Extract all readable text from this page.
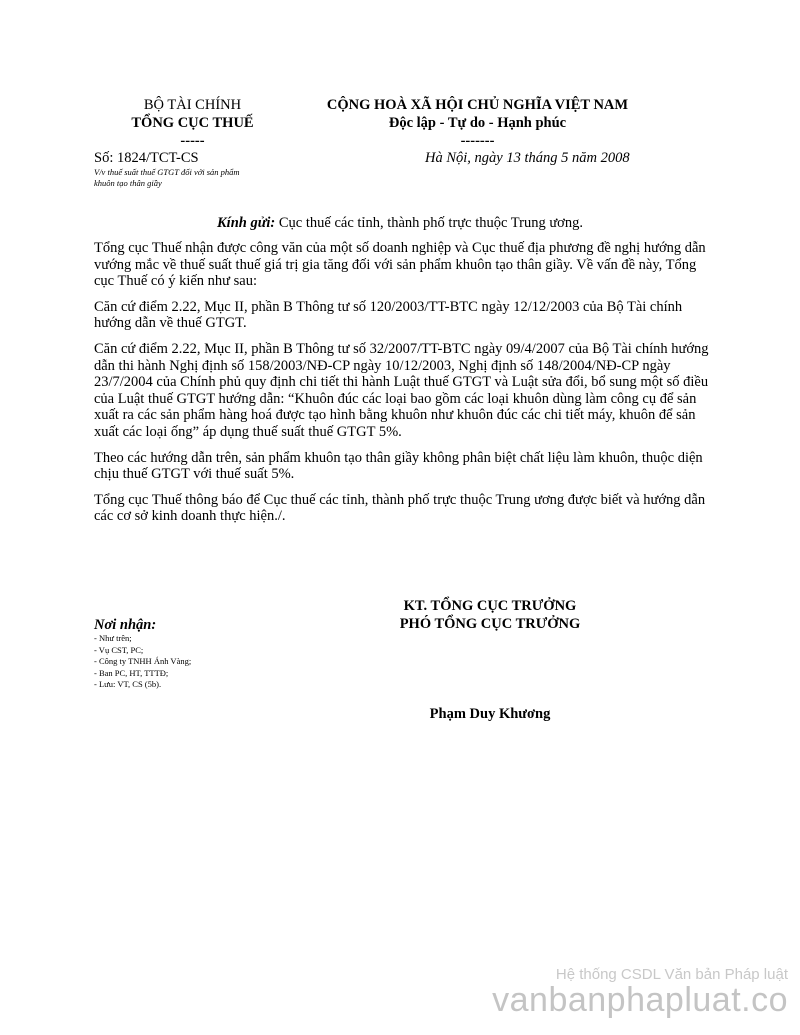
BỘ TÀI CHÍNH
TỔNG CỤC THUẾ
-----
CỘNG HOÀ XÃ HỘI CHỦ NGHĨA VIỆT NAM
Độc lập - Tự do - Hạnh phúc
-------
Số: 1824/TCT-CS
V/v thuế suất thuế GTGT đối với sản phẩm
khuôn tạo thân giầy
Hà Nội, ngày 13 tháng 5 năm 2008
Kính gửi: Cục thuế các tỉnh, thành phố trực thuộc Trung ương.

Tổng cục Thuế nhận được công văn của một số doanh nghiệp và Cục thuế địa phương đề nghị hướng dẫn vướng mắc về thuế suất thuế giá trị gia tăng đối với sản phẩm khuôn tạo thân giầy. Về vấn đề này, Tổng cục Thuế có ý kiến như sau:

Căn cứ điểm 2.22, Mục II, phần B Thông tư số 120/2003/TT-BTC ngày 12/12/2003 của Bộ Tài chính hướng dẫn về thuế GTGT.

Căn cứ điểm 2.22, Mục II, phần B Thông tư số 32/2007/TT-BTC ngày 09/4/2007 của Bộ Tài chính hướng dẫn thi hành Nghị định số 158/2003/NĐ-CP ngày 10/12/2003, Nghị định số 148/2004/NĐ-CP ngày 23/7/2004 của Chính phủ quy định chi tiết thi hành Luật thuế GTGT và Luật sửa đổi, bổ sung một số điều của Luật thuế GTGT hướng dẫn: “Khuôn đúc các loại bao gồm các loại khuôn dùng làm công cụ để sản xuất ra các sản phẩm hàng hoá được tạo hình bằng khuôn như khuôn đúc các chi tiết máy, khuôn để sản xuất các loại ống” áp dụng thuế suất thuế GTGT 5%.

Theo các hướng dẫn trên, sản phẩm khuôn tạo thân giầy không phân biệt chất liệu làm khuôn, thuộc diện chịu thuế GTGT với thuế suất 5%.

Tổng cục Thuế thông báo để Cục thuế các tỉnh, thành phố trực thuộc Trung ương được biết và hướng dẫn các cơ sở kinh doanh thực hiện./.

KT. TỔNG CỤC TRƯỞNG
PHÓ TỔNG CỤC TRƯỞNG
Phạm Duy Khương
Nơi nhận:
- Như trên;
- Vụ CST, PC;
- Công ty TNHH Ánh Vàng;
- Ban PC, HT, TTTĐ;
- Lưu: VT, CS (5b).
Hệ thống CSDL Văn bản Pháp luật
vanbanphapluat.co
